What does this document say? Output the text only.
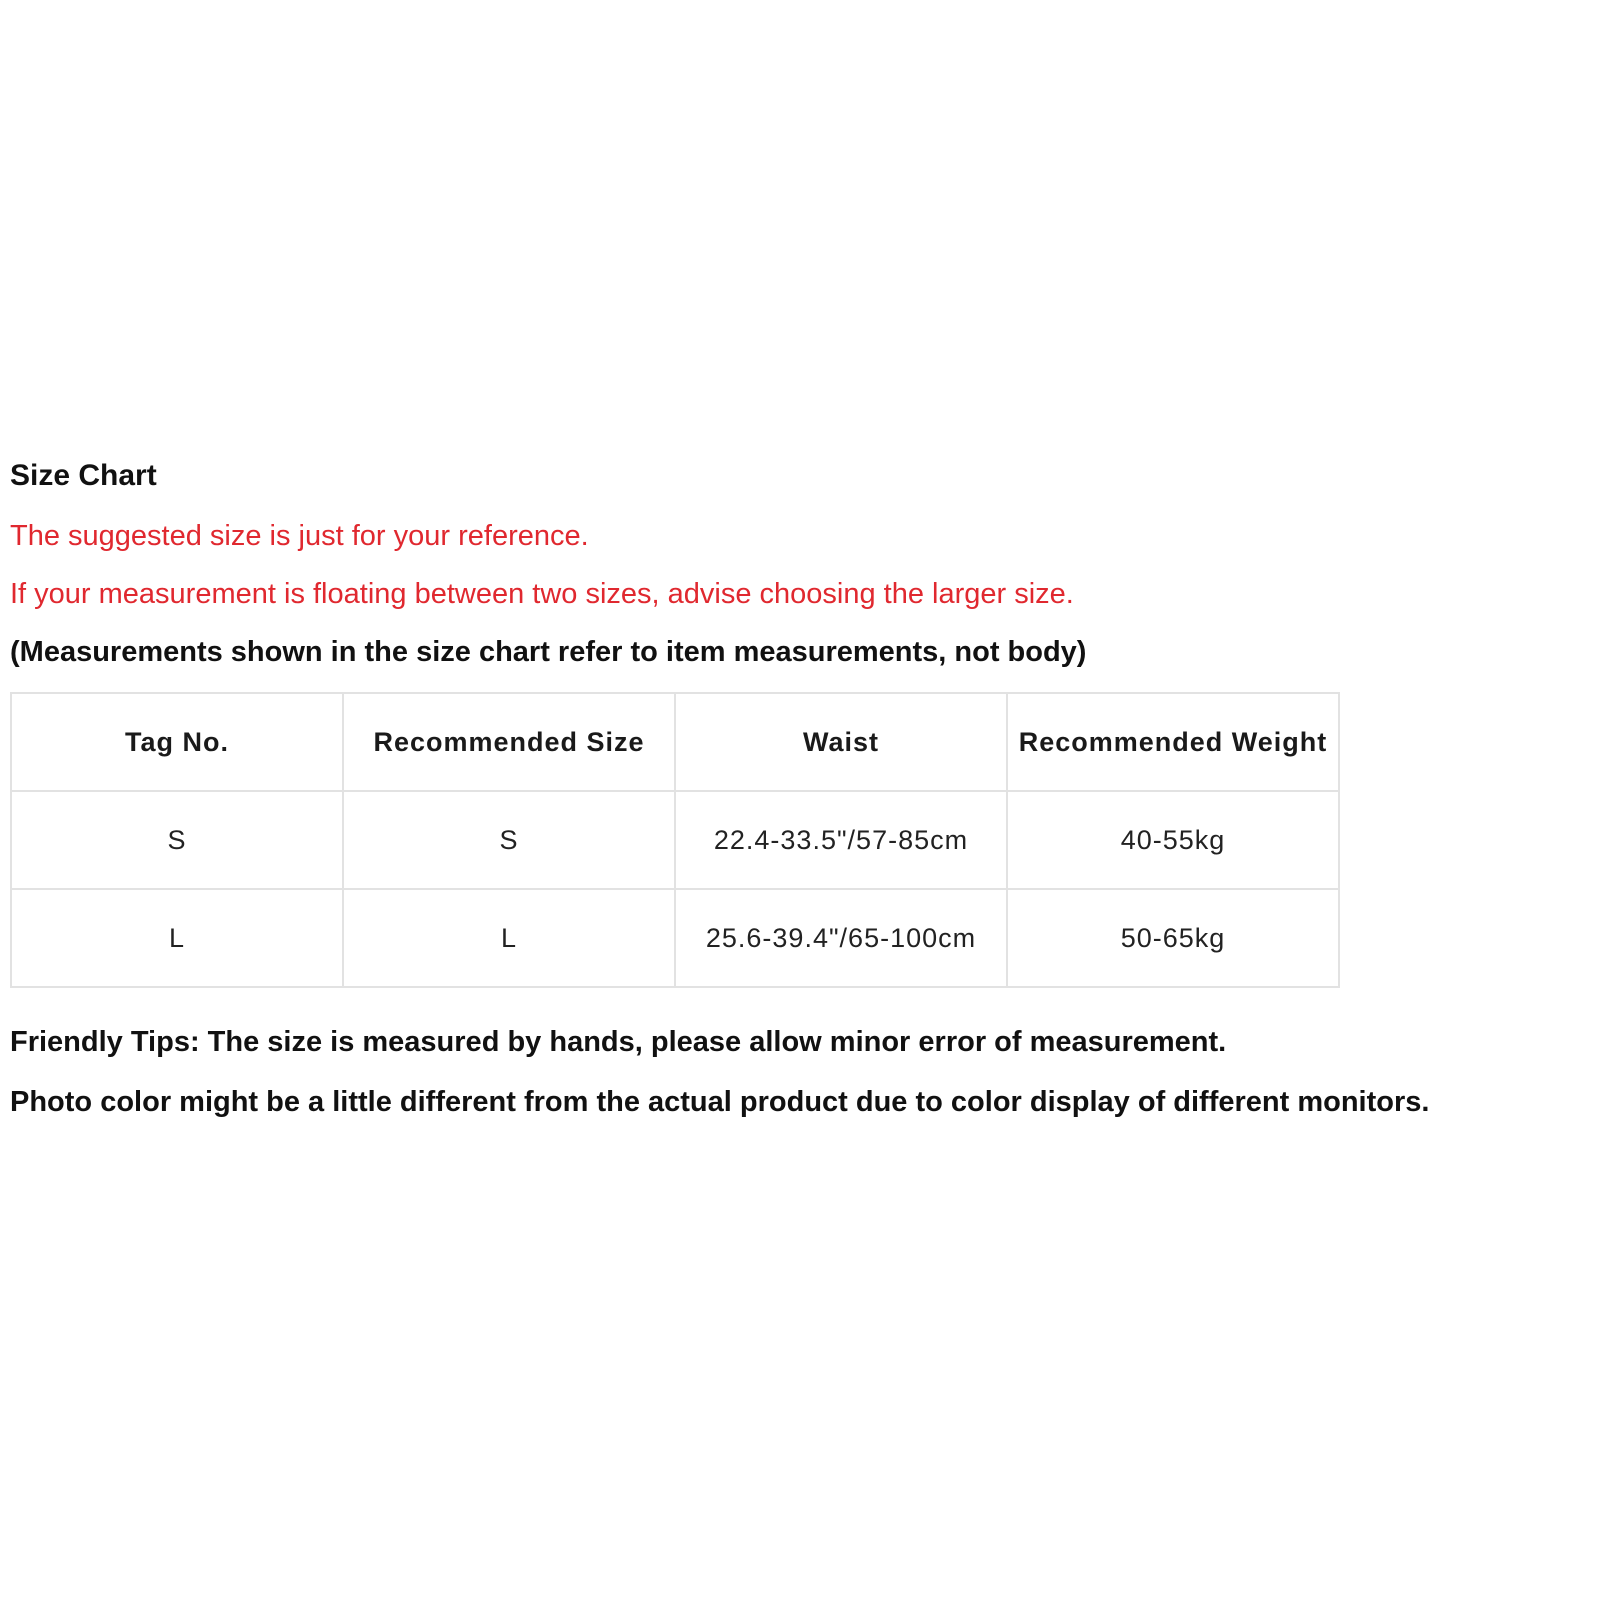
Size Chart

The suggested size is just for your reference.

If your measurement is floating between two sizes, advise choosing the larger size.

(Measurements shown in the size chart refer to item measurements, not body)

Tag No.	Recommended Size	Waist	Recommended Weight
S	S	22.4-33.5"/57-85cm	40-55kg
L	L	25.6-39.4"/65-100cm	50-65kg

Friendly Tips: The size is measured by hands, please allow minor error of measurement.

Photo color might be a little different from the actual product due to color display of different monitors.
